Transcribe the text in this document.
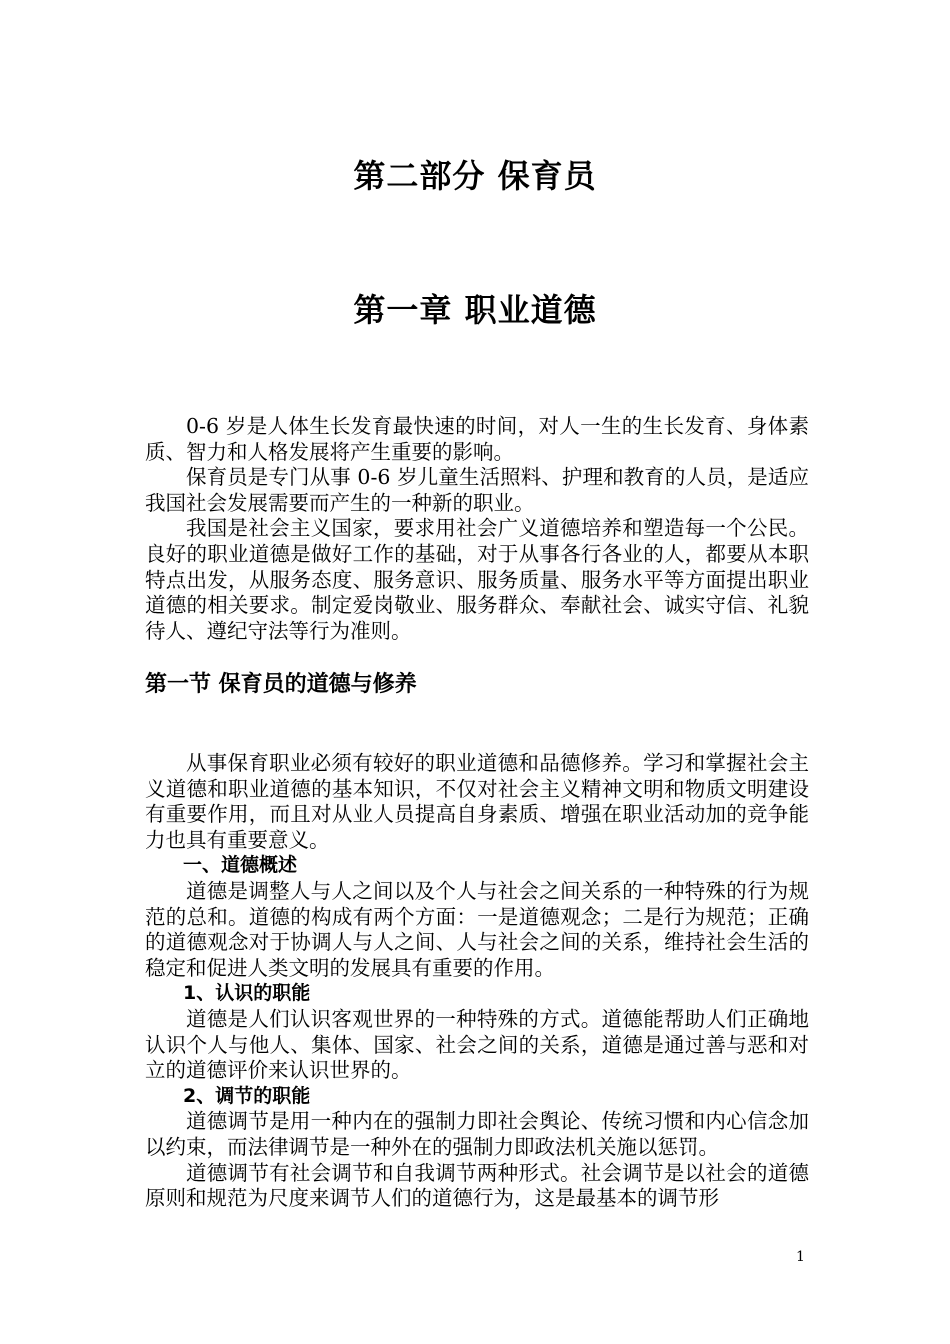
第二部分 保育员
第一章 职业道德

0-6 岁是人体生长发育最快速的时间，对人一生的生长发育、身体素质、智力和人格发展将产生重要的影响。

保育员是专门从事 0-6 岁儿童生活照料、护理和教育的人员，是适应我国社会发展需要而产生的一种新的职业。

我国是社会主义国家，要求用社会广义道德培养和塑造每一个公民。良好的职业道德是做好工作的基础，对于从事各行各业的人，都要从本职特点出发，从服务态度、服务意识、服务质量、服务水平等方面提出职业道德的相关要求。制定爱岗敬业、服务群众、奉献社会、诚实守信、礼貌待人、遵纪守法等行为准则。

第一节 保育员的道德与修养

从事保育职业必须有较好的职业道德和品德修养。学习和掌握社会主义道德和职业道德的基本知识，不仅对社会主义精神文明和物质文明建设有重要作用，而且对从业人员提高自身素质、增强在职业活动加的竞争能力也具有重要意义。

一、道德概述

道德是调整人与人之间以及个人与社会之间关系的一种特殊的行为规范的总和。道德的构成有两个方面：一是道德观念；二是行为规范；正确的道德观念对于协调人与人之间、人与社会之间的关系，维持社会生活的稳定和促进人类文明的发展具有重要的作用。

1、认识的职能

道德是人们认识客观世界的一种特殊的方式。道德能帮助人们正确地认识个人与他人、集体、国家、社会之间的关系，道德是通过善与恶和对立的道德评价来认识世界的。

2、调节的职能

道德调节是用一种内在的强制力即社会舆论、传统习惯和内心信念加以约束，而法律调节是一种外在的强制力即政法机关施以惩罚。

道德调节有社会调节和自我调节两种形式。社会调节是以社会的道德原则和规范为尺度来调节人们的道德行为，这是最基本的调节形

1
